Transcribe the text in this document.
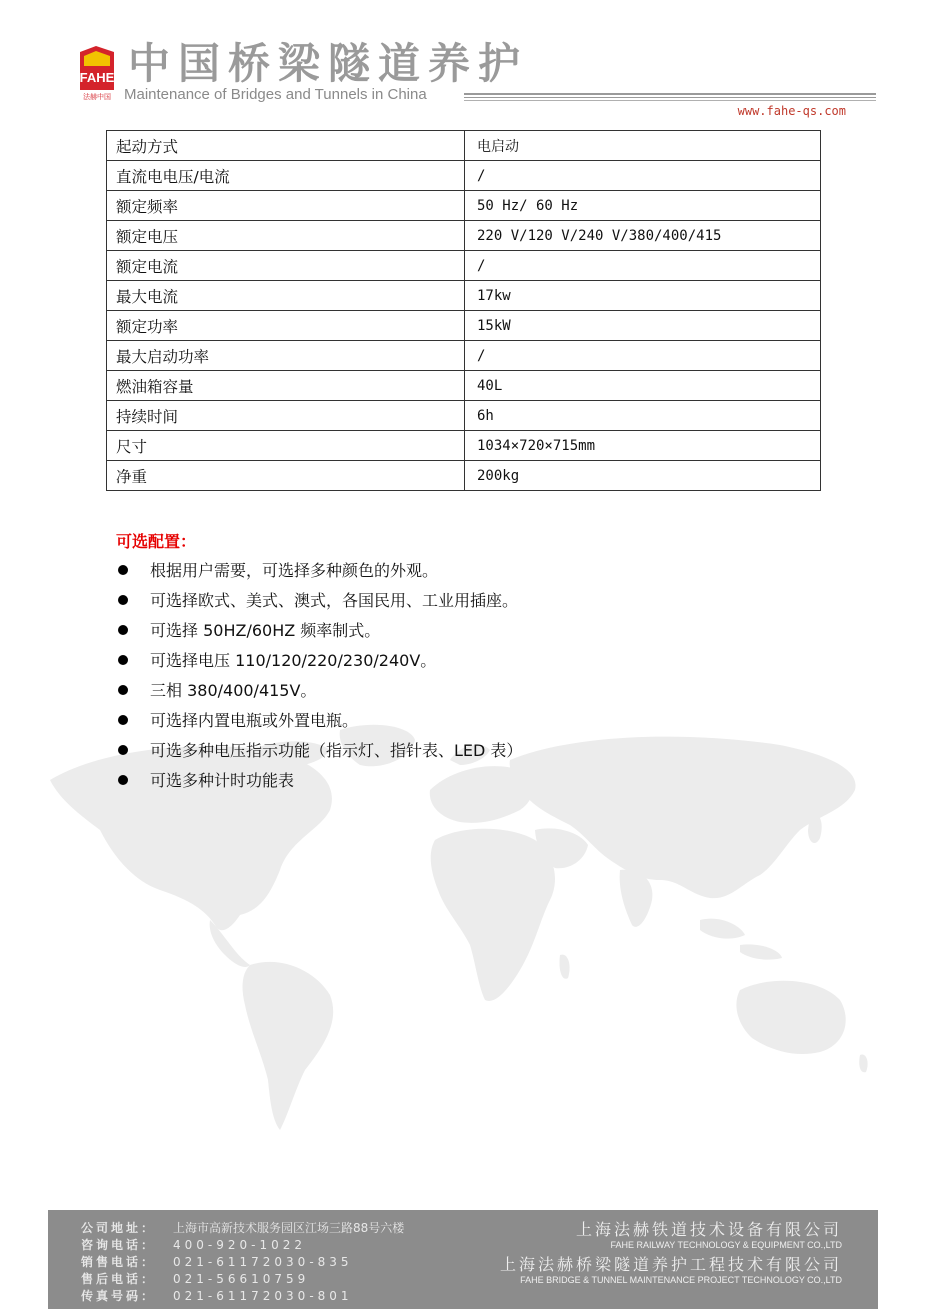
FAHE
法赫中国
中国桥梁隧道养护
Maintenance of Bridges and Tunnels in China
www.fahe-qs.com
起动方式	电启动
直流电电压/电流	/
额定频率	50 Hz/ 60 Hz
额定电压	220 V/120 V/240 V/380/400/415
额定电流	/
最大电流	17kw
额定功率	15kW
最大启动功率	/
燃油箱容量	40L
持续时间	6h
尺寸	1034×720×715mm
净重	200kg
可选配置：
根据用户需要，可选择多种颜色的外观。
可选择欧式、美式、澳式，各国民用、工业用插座。
可选择 50HZ/60HZ 频率制式。
可选择电压 110/120/220/230/240V。
三相 380/400/415V。
可选择内置电瓶或外置电瓶。
可选多种电压指示功能（指示灯、指针表、LED 表）
可选多种计时功能表
公司地址： 上海市高新技术服务园区江场三路88号六楼
咨询电话： 400-920-1022
销售电话： 021-61172030-835
售后电话： 021-56610759
传真号码： 021-61172030-801
上海法赫铁道技术设备有限公司
FAHE RAILWAY TECHNOLOGY & EQUIPMENT CO.,LTD
上海法赫桥梁隧道养护工程技术有限公司
FAHE BRIDGE & TUNNEL MAINTENANCE PROJECT TECHNOLOGY CO.,LTD
